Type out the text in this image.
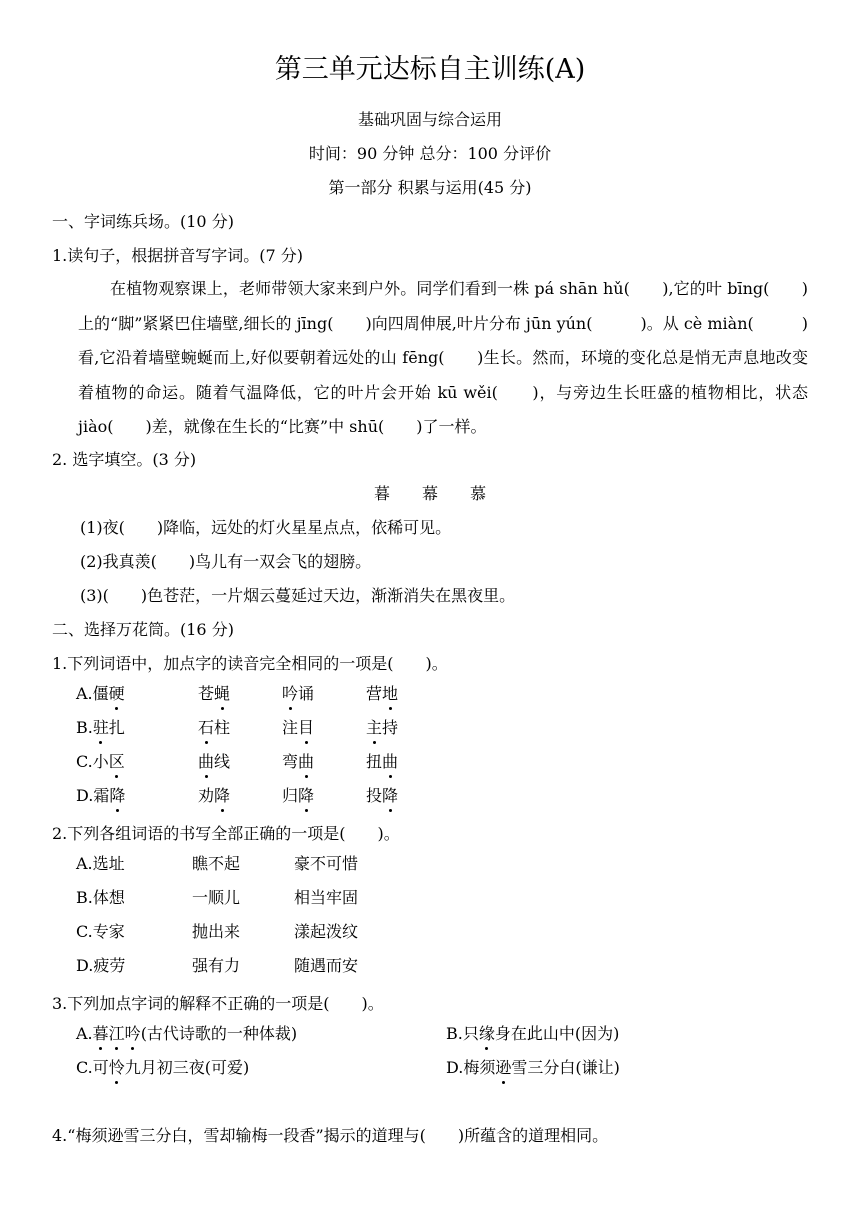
第三单元达标自主训练(A)
基础巩固与综合运用
时间：90 分钟 总分：100 分评价
第一部分 积累与运用(45 分)
一、字词练兵场。(10 分)
1.读句子，根据拼音写字词。(7 分)
在植物观察课上，老师带领大家来到户外。同学们看到一株 pá shān hǔ(　　),它的叶 bīng(　　)上的“脚”紧紧巴住墙壁,细长的 jīng(　　)向四周伸展,叶片分布 jūn yún(　　　)。从 cè miàn(　　　)看,它沿着墙壁蜿蜒而上,好似要朝着远处的山 fēng(　　)生长。然而，环境的变化总是悄无声息地改变着植物的命运。随着气温降低，它的叶片会开始 kū wěi(　　)，与旁边生长旺盛的植物相比，状态 jiào(　　)差，就像在生长的“比赛”中 shū(　　)了一样。
2. 选字填空。(3 分)
暮　　幕　　慕
(1)夜(　　)降临，远处的灯火星星点点，依稀可见。
(2)我真羡(　　)鸟儿有一双会飞的翅膀。
(3)(　　)色苍茫，一片烟云蔓延过天边，渐渐消失在黑夜里。
二、选择万花筒。(16 分)
1.下列词语中，加点字的读音完全相同的一项是(　　)。
A.僵硬	苍蝇	吟诵	营地
B.驻扎	石柱	注目	主持
C.小区	曲线	弯曲	扭曲
D.霜降	劝降	归降	投降
2.下列各组词语的书写全部正确的一项是(　　)。
A.选址	瞧不起	豪不可惜
B.体想	一顺儿	相当牢固
C.专家	抛出来	漾起泼纹
D.疲劳	强有力	随遇而安
3.下列加点字词的解释不正确的一项是(　　)。
A.暮江吟(古代诗歌的一种体裁)	B.只缘身在此山中(因为)
C.可怜九月初三夜(可爱)	D.梅须逊雪三分白(谦让)
4.“梅须逊雪三分白，雪却输梅一段香”揭示的道理与(　　)所蕴含的道理相同。
